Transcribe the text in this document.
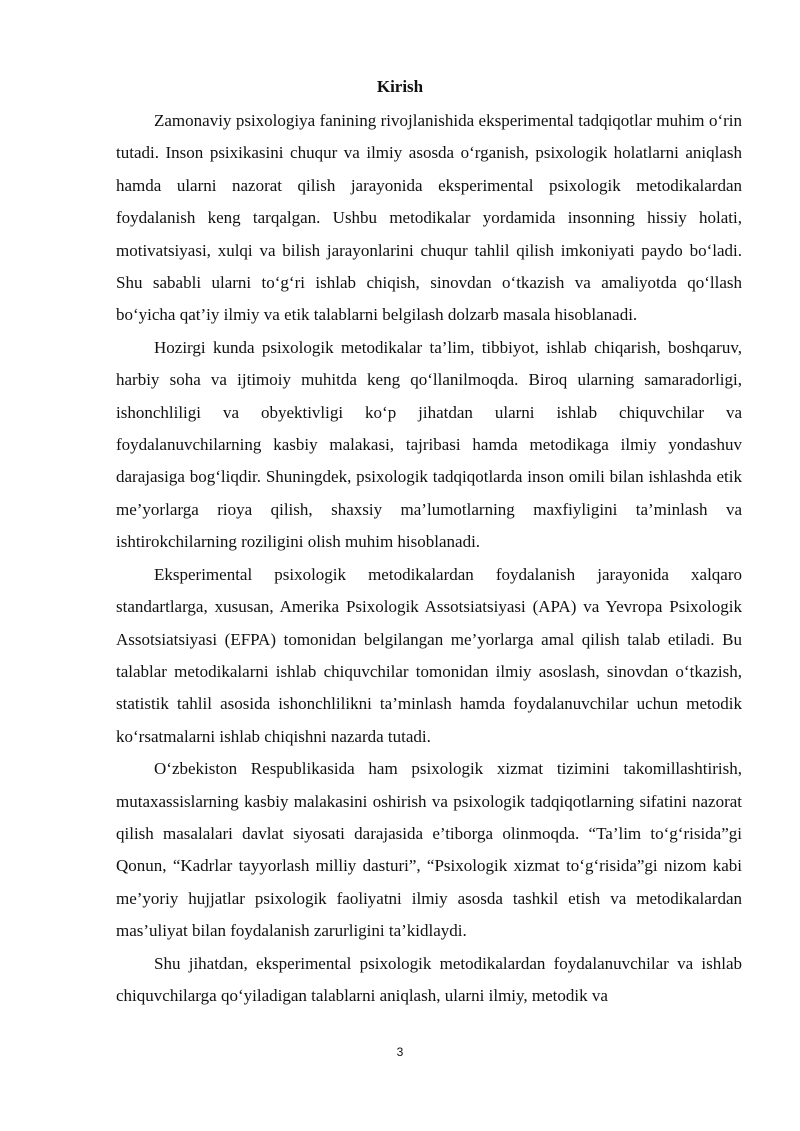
Kirish

Zamonaviy psixologiya fanining rivojlanishida eksperimental tadqiqotlar muhim o‘rin tutadi. Inson psixikasini chuqur va ilmiy asosda o‘rganish, psixologik holatlarni aniqlash hamda ularni nazorat qilish jarayonida eksperimental psixologik metodikalardan foydalanish keng tarqalgan. Ushbu metodikalar yordamida insonning hissiy holati, motivatsiyasi, xulqi va bilish jarayonlarini chuqur tahlil qilish imkoniyati paydo bo‘ladi. Shu sababli ularni to‘g‘ri ishlab chiqish, sinovdan o‘tkazish va amaliyotda qo‘llash bo‘yicha qat’iy ilmiy va etik talablarni belgilash dolzarb masala hisoblanadi.

Hozirgi kunda psixologik metodikalar ta’lim, tibbiyot, ishlab chiqarish, boshqaruv, harbiy soha va ijtimoiy muhitda keng qo‘llanilmoqda. Biroq ularning samaradorligi, ishonchliligi va obyektivligi ko‘p jihatdan ularni ishlab chiquvchilar va foydalanuvchilarning kasbiy malakasi, tajribasi hamda metodikaga ilmiy yondashuv darajasiga bog‘liqdir. Shuningdek, psixologik tadqiqotlarda inson omili bilan ishlashda etik me’yorlarga rioya qilish, shaxsiy ma’lumotlarning maxfiyligini ta’minlash va ishtirokchilarning roziligini olish muhim hisoblanadi.

Eksperimental psixologik metodikalardan foydalanish jarayonida xalqaro standartlarga, xususan, Amerika Psixologik Assotsiatsiyasi (APA) va Yevropa Psixologik Assotsiatsiyasi (EFPA) tomonidan belgilangan me’yorlarga amal qilish talab etiladi. Bu talablar metodikalarni ishlab chiquvchilar tomonidan ilmiy asoslash, sinovdan o‘tkazish, statistik tahlil asosida ishonchlilikni ta’minlash hamda foydalanuvchilar uchun metodik ko‘rsatmalarni ishlab chiqishni nazarda tutadi.

O‘zbekiston Respublikasida ham psixologik xizmat tizimini takomillashtirish, mutaxassislarning kasbiy malakasini oshirish va psixologik tadqiqotlarning sifatini nazorat qilish masalalari davlat siyosati darajasida e’tiborga olinmoqda. “Ta’lim to‘g‘risida”gi Qonun, “Kadrlar tayyorlash milliy dasturi”, “Psixologik xizmat to‘g‘risida”gi nizom kabi me’yoriy hujjatlar psixologik faoliyatni ilmiy asosda tashkil etish va metodikalardan mas’uliyat bilan foydalanish zarurligini ta’kidlaydi.

Shu jihatdan, eksperimental psixologik metodikalardan foydalanuvchilar va ishlab chiquvchilarga qo‘yiladigan talablarni aniqlash, ularni ilmiy, metodik va

3
